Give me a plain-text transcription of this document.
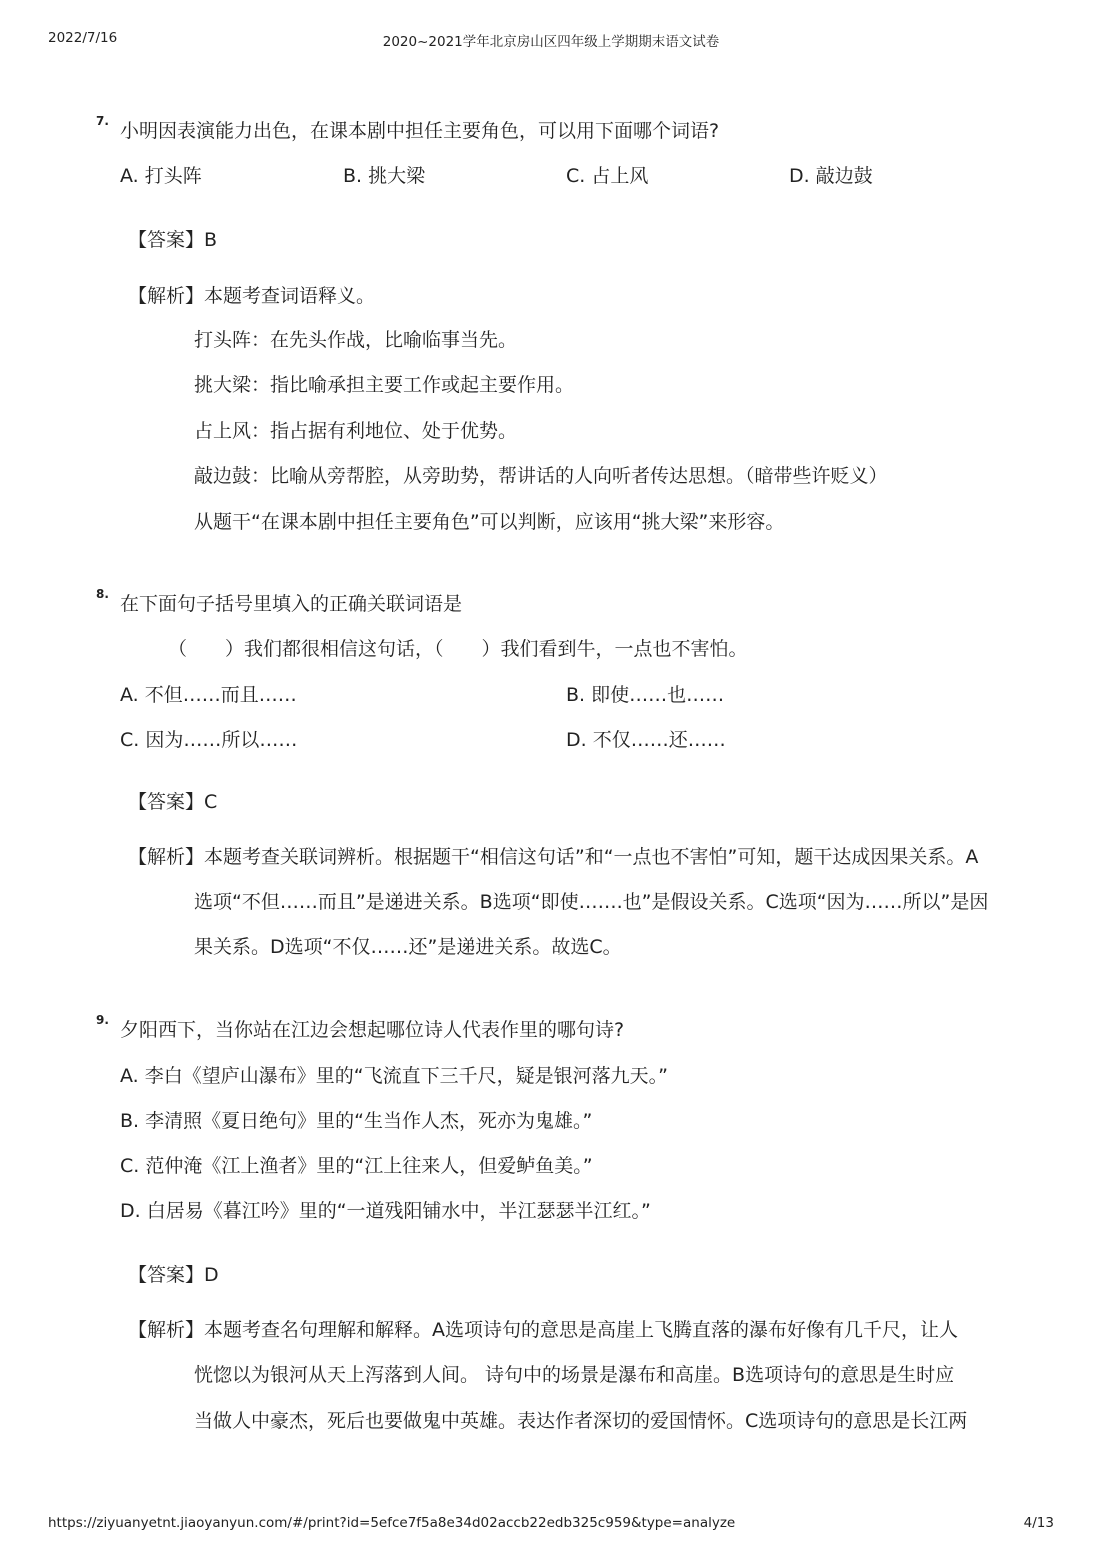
2022/7/16	2020~2021学年北京房山区四年级上学期期末语文试卷
7. 小明因表演能力出色，在课本剧中担任主要角色，可以用下面哪个词语?
A. 打头阵	B. 挑大梁	C. 占上风	D. 敲边鼓
【答案】B
【解析】本题考查词语释义。
打头阵：在先头作战，比喻临事当先。
挑大梁：指比喻承担主要工作或起主要作用。
占上风：指占据有利地位、处于优势。
敲边鼓：比喻从旁帮腔，从旁助势，帮讲话的人向听者传达思想。（暗带些许贬义）
从题干“在课本剧中担任主要角色”可以判断，应该用“挑大梁”来形容。
8. 在下面句子括号里填入的正确关联词语是
（　　）我们都很相信这句话，（　　）我们看到牛，一点也不害怕。
A. 不但……而且……	B. 即使……也……
C. 因为……所以……	D. 不仅……还……
【答案】C
【解析】本题考查关联词辨析。根据题干“相信这句话”和“一点也不害怕”可知，题干达成因果关系。A
选项“不但……而且”是递进关系。B选项“即使…….也”是假设关系。C选项“因为……所以”是因
果关系。D选项“不仅……还”是递进关系。故选C。
9. 夕阳西下，当你站在江边会想起哪位诗人代表作里的哪句诗?
A. 李白《望庐山瀑布》里的“飞流直下三千尺，疑是银河落九天。”
B. 李清照《夏日绝句》里的“生当作人杰，死亦为鬼雄。”
C. 范仲淹《江上渔者》里的“江上往来人，但爱鲈鱼美。”
D. 白居易《暮江吟》里的“一道残阳铺水中，半江瑟瑟半江红。”
【答案】D
【解析】本题考查名句理解和解释。A选项诗句的意思是高崖上飞腾直落的瀑布好像有几千尺，让人
恍惚以为银河从天上泻落到人间。 诗句中的场景是瀑布和高崖。B选项诗句的意思是生时应
当做人中豪杰，死后也要做鬼中英雄。表达作者深切的爱国情怀。C选项诗句的意思是长江两
https://ziyuanyetnt.jiaoyanyun.com/#/print?id=5efce7f5a8e34d02accb22edb325c959&type=analyze	4/13
